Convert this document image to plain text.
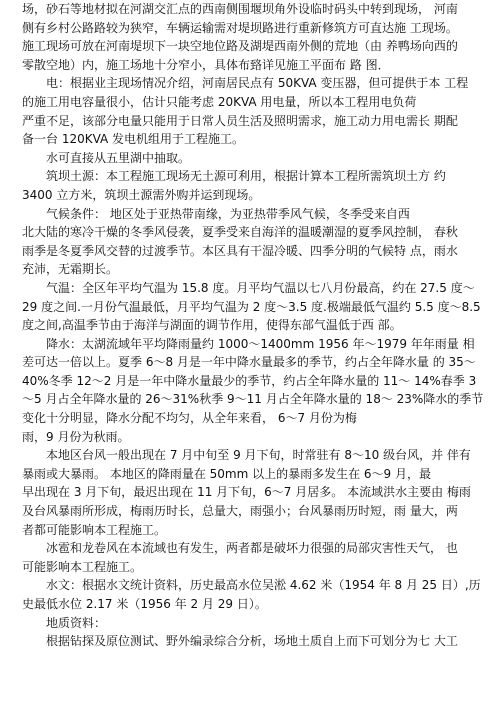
场，砂石等地材拟在河湖交汇点的西南侧围堰坝角外设临时码头中转到现场， 河南
侧有乡村公路路较为狭窄，车辆运输需对堤坝路进行重新修筑方可直达施 工现场。
施工现场可放在河南堤坝下一块空地位路及湖堤西南外侧的荒地（由 养鸭场向西的
零散空地）内，施工场地十分窄小，具体布臵详见施工平面布 路 图．
电：根据业主现场情况介绍，河南居民点有 50KVA 变压器，但可提供于本 工程
的施工用电容量很小，估计只能考虑 20KVA 用电量，所以本工程用电负荷
严重不足，该部分电量只能用于日常人员生活及照明需求，施工动力用电需长 期配
备一台 120KVA 发电机组用于工程施工。
水可直接从五里湖中抽取。
筑坝土源：本工程施工现场无土源可利用，根据计算本工程所需筑坝土方 约
3400 立方米，筑坝土源需外购并运到现场。
气候条件： 地区处于亚热带南缘，为亚热带季风气候，冬季受来自西
北大陆的寒冷干燥的冬季风侵袭，夏季受来自海洋的温暖潮湿的夏季风控制， 春秋
雨季是冬夏季风交替的过渡季节。本区具有干湿冷暖、四季分明的气候特 点，雨水
充沛，无霜期长。
气温：全区年平均气温为 15.8 度。月平均气温以七八月份最高，约在 27.5 度～
29 度之间.一月份气温最低，月平均气温为 2 度～3.5 度.极端最低气温约 5.5 度～8.5
度之间,高温季节由于海洋与湖面的调节作用，使得东部气温低于西 部。
降水：太湖流域年平均降雨量约 1000～1400mm 1956 年～1979 年年雨量 相
差可达一倍以上。夏季 6～8 月是一年中降水量最多的季节，约占全年降水量 的 35～
40%冬季 12～2 月是一年中降水量最少的季节，约占全年降水量的 11～ 14%春季 3
～5 月占全年降水量的 26～31%秋季 9～11 月占全年降水量的 18～ 23%降水的季节
变化十分明显，降水分配不均匀，从全年来看， 6～7 月份为梅
雨，9 月份为秋雨。
本地区台风一般出现在 7 月中旬至 9 月下旬，时常驻有 8～10 级台风，并 伴有
暴雨或大暴雨。 本地区的降雨量在 50mm 以上的暴雨多发生在 6～9 月，最
早出现在 3 月下旬，最迟出现在 11 月下旬，6～7 月居多。 本流域洪水主要由 梅雨
及台风暴雨所形成，梅雨历时长，总量大，雨强小；台风暴雨历时短，雨 量大，两
者都可能影响本工程施工。
冰雹和龙卷风在本流域也有发生，两者都是破坏力很强的局部灾害性天气， 也
可能影响本工程施工。
水文：根据水文统计资料，历史最高水位吴淞 4.62 米（1954 年 8 月 25 日）,历
史最低水位 2.17 米（1956 年 2 月 29 日）。
地质资料：
根据钻探及原位测试、野外编录综合分析，场地土质自上而下可划分为七 大工
